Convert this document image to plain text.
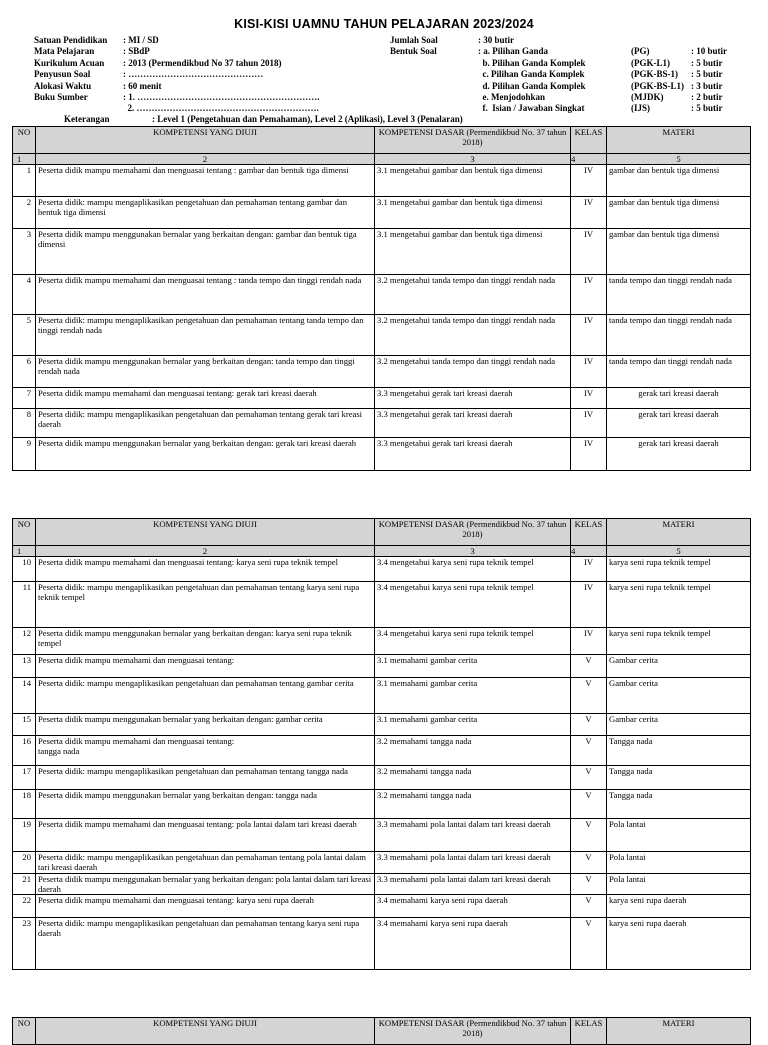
KISI-KISI UAMNU TAHUN PELAJARAN 2023/2024
Satuan Pendidikan	: MI / SD
Mata Pelajaran	: SBdP
Kurikulum Acuan	: 2013 (Permendikbud No 37 tahun 2018)
Penyusun Soal	: ………………………………………
Alokasi Waktu	: 60 menit
Buku Sumber	: 1. …………………………………………………….
2. …………………………………………………….
Jumlah Soal	: 30 butir
Bentuk Soal	: a. Pilihan Ganda	(PG)	: 10 butir
b. Pilihan Ganda Komplek	(PGK-L1)	: 5 butir
c. Pilihan Ganda Komplek	(PGK-BS-1)	: 5 butir
d. Pilihan Ganda Komplek	(PGK-BS-L1) : 3 butir
e. Menjodohkan	(MJDK)	: 2 butir
f.  Isian / Jawaban Singkat	(IJS)	: 5 butir
Keterangan	: Level 1 (Pengetahuan dan Pemahaman), Level 2 (Aplikasi), Level 3 (Penalaran)
NO	KOMPETENSI YANG DIUJI	KOMPETENSI DASAR (Permendikbud No. 37 tahun 2018)	KELAS	MATERI
1	2	3	4	5
1	Peserta didik mampu memahami dan menguasai tentang : gambar dan bentuk tiga dimensi	3.1 mengetahui gambar dan bentuk tiga dimensi	IV	gambar dan bentuk tiga dimensi
2	Peserta didik: mampu mengaplikasikan pengetahuan dan pemahaman tentang gambar dan bentuk tiga dimensi	3.1 mengetahui gambar dan bentuk tiga dimensi	IV	gambar dan bentuk tiga dimensi
3	Peserta didik mampu menggunakan bernalar yang berkaitan dengan: gambar dan bentuk tiga dimensi	3.1 mengetahui gambar dan bentuk tiga dimensi	IV	gambar dan bentuk tiga dimensi
4	Peserta didik mampu memahami dan menguasai tentang : tanda tempo dan tinggi rendah nada	3.2 mengetahui tanda tempo dan tinggi rendah nada	IV	tanda tempo dan tinggi rendah nada
5	Peserta didik: mampu mengaplikasikan pengetahuan dan pemahaman tentang tanda tempo dan tinggi rendah nada	3.2 mengetahui tanda tempo dan tinggi rendah nada	IV	tanda tempo dan tinggi rendah nada
6	Peserta didik mampu menggunakan bernalar yang berkaitan dengan: tanda tempo dan tinggi rendah nada	3.2 mengetahui tanda tempo dan tinggi rendah nada	IV	tanda tempo dan tinggi rendah nada
7	Peserta didik mampu memahami dan menguasai tentang: gerak tari kreasi daerah	3.3 mengetahui gerak tari kreasi daerah	IV	gerak tari kreasi daerah
8	Peserta didik: mampu mengaplikasikan pengetahuan dan pemahaman tentang gerak tari kreasi daerah	3.3 mengetahui gerak tari kreasi daerah	IV	gerak tari kreasi daerah
9	Peserta didik mampu menggunakan bernalar yang berkaitan dengan: gerak tari kreasi daerah	3.3 mengetahui gerak tari kreasi daerah	IV	gerak tari kreasi daerah
NO	KOMPETENSI YANG DIUJI	KOMPETENSI DASAR (Permendikbud No. 37 tahun 2018)	KELAS	MATERI
1	2	3	4	5
10	Peserta didik mampu memahami dan menguasai tentang: karya seni rupa teknik tempel	3.4 mengetahui karya seni rupa teknik tempel	IV	karya seni rupa teknik tempel
11	Peserta didik: mampu mengaplikasikan pengetahuan dan pemahaman tentang karya seni rupa teknik tempel	3.4 mengetahui karya seni rupa teknik tempel	IV	karya seni rupa teknik tempel
12	Peserta didik mampu menggunakan bernalar yang berkaitan dengan: karya seni rupa teknik tempel	3.4 mengetahui karya seni rupa teknik tempel	IV	karya seni rupa teknik tempel
13	Peserta didik mampu memahami dan menguasai tentang:	3.1 memahami gambar cerita	V	Gambar cerita
14	Peserta didik: mampu mengaplikasikan pengetahuan dan pemahaman tentang gambar cerita	3.1 memahami gambar cerita	V	Gambar cerita
15	Peserta didik mampu menggunakan bernalar yang berkaitan dengan: gambar cerita	3.1 memahami gambar cerita	V	Gambar cerita
16	Peserta didik mampu memahami dan menguasai tentang:
tangga nada	3.2 memahami tangga nada	V	Tangga nada
17	Peserta didik: mampu mengaplikasikan pengetahuan dan pemahaman tentang tangga nada	3.2 memahami tangga nada	V	Tangga nada
18	Peserta didik mampu menggunakan bernalar yang berkaitan dengan: tangga nada	3.2 memahami tangga nada	V	Tangga nada
19	Peserta didik mampu memahami dan menguasai tentang: pola lantai dalam tari kreasi daerah	3.3 memahami pola lantai dalam tari kreasi daerah	V	Pola lantai
20	Peserta didik: mampu mengaplikasikan pengetahuan dan pemahaman tentang pola lantai dalam tari kreasi daerah	3.3 memahami pola lantai dalam tari kreasi daerah	V	Pola lantai
21	Peserta didik mampu menggunakan bernalar yang berkaitan dengan: pola lantai dalam tari kreasi daerah	3.3 memahami pola lantai dalam tari kreasi daerah	V	Pola lantai
22	Peserta didik mampu memahami dan menguasai tentang: karya seni rupa daerah	3.4 memahami karya seni rupa daerah	V	karya seni rupa daerah
23	Peserta didik: mampu mengaplikasikan pengetahuan dan pemahaman tentang karya seni rupa daerah	3.4 memahami karya seni rupa daerah	V	karya seni rupa daerah
NO	KOMPETENSI YANG DIUJI	KOMPETENSI DASAR (Permendikbud No. 37 tahun 2018)	KELAS	MATERI
